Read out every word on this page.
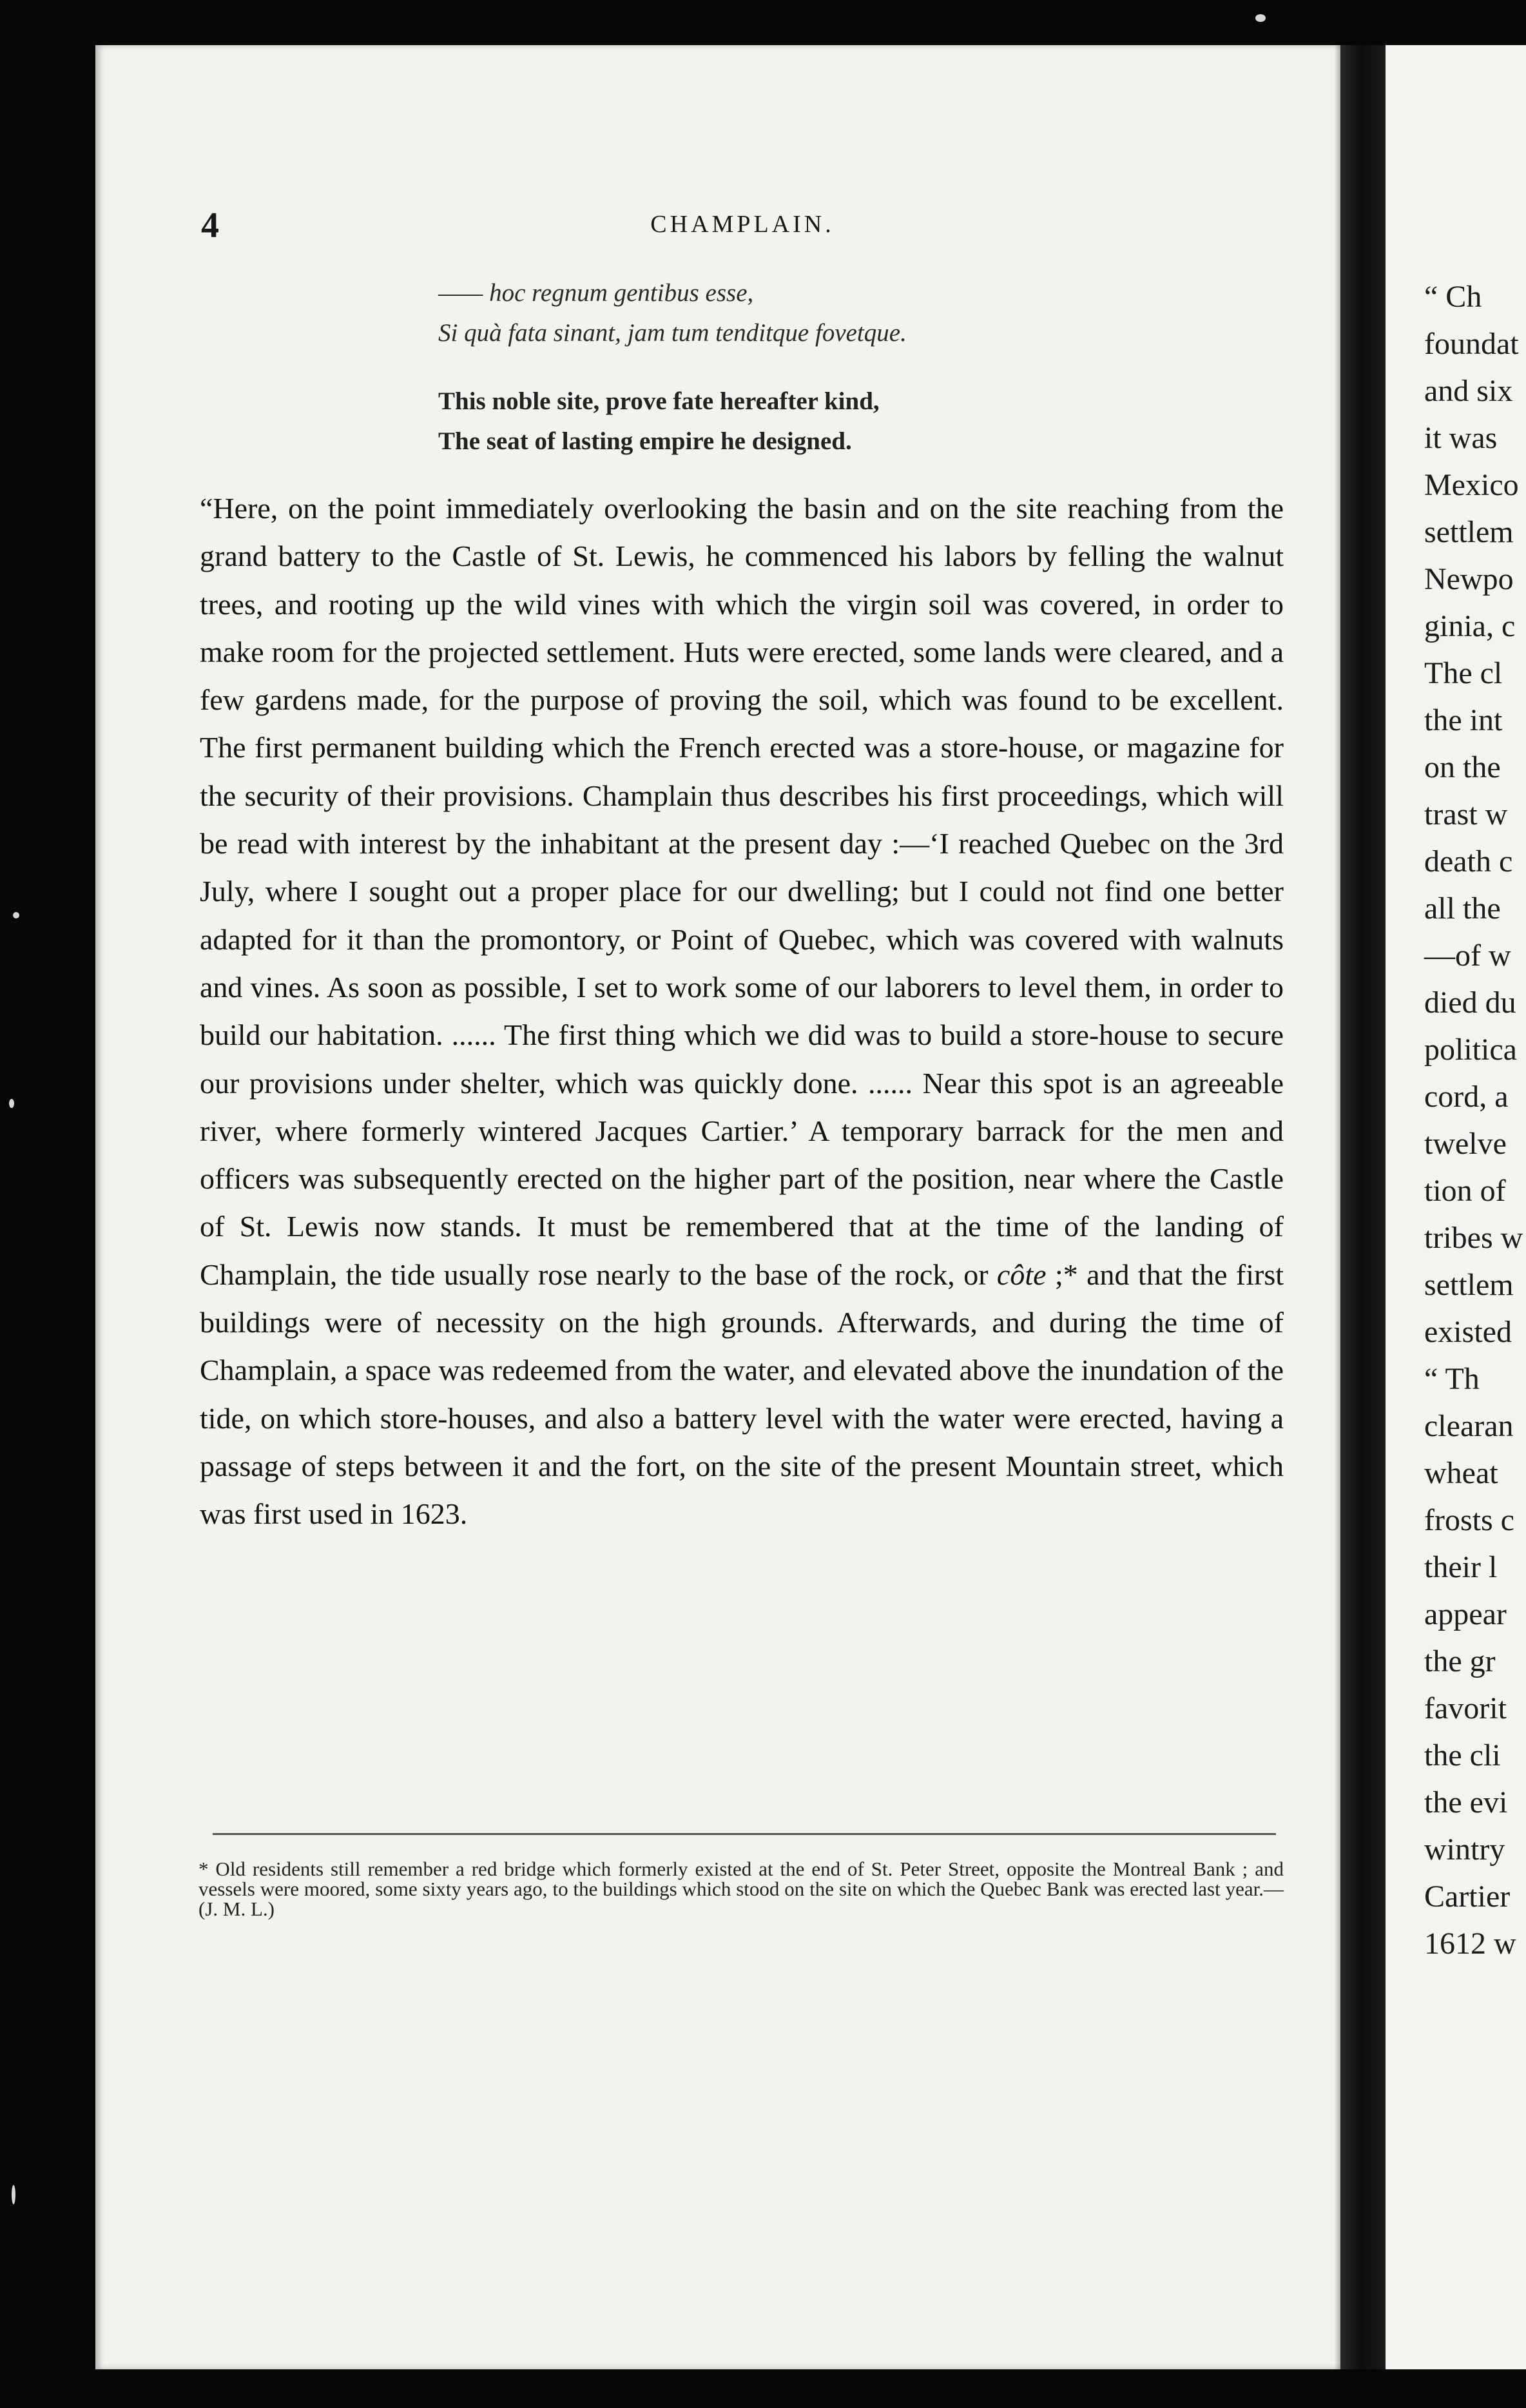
“ Ch

foundat

and six

it was

Mexico

settlem

Newpo

ginia, c

The cl

the int

on the

trast w

death c

all the

—of w

died du

politica

cord, a

twelve

tion of

tribes w

settlem

existed

“ Th

clearan

wheat

frosts c

their l

appear

the gr

favorit

the cli

the evi

wintry

Cartier

1612 w

4	CHAMPLAIN.

—— hoc regnum gentibus esse,

Si quà fata sinant, jam tum tenditque fovetque.

This noble site, prove fate hereafter kind,

The seat of lasting empire he designed.

“Here, on the point immediately overlooking the basin and on the site reaching from the grand battery to the Castle of St. Lewis, he commenced his labors by felling the walnut trees, and rooting up the wild vines with which the virgin soil was covered, in order to make room for the projected settlement. Huts were erected, some lands were cleared, and a few gardens made, for the purpose of proving the soil, which was found to be excellent. The first permanent building which the French erected was a store-house, or magazine for the security of their provisions. Champlain thus describes his first proceedings, which will be read with interest by the inhabitant at the present day :—‘I reached Quebec on the 3rd July, where I sought out a proper place for our dwelling; but I could not find one better adapted for it than the promontory, or Point of Quebec, which was covered with walnuts and vines. As soon as possible, I set to work some of our laborers to level them, in order to build our habitation. ...... The first thing which we did was to build a store-house to secure our provisions under shelter, which was quickly done. ...... Near this spot is an agreeable river, where formerly wintered Jacques Cartier.’ A temporary barrack for the men and officers was subsequently erected on the higher part of the position, near where the Castle of St. Lewis now stands. It must be remembered that at the time of the landing of Champlain, the tide usually rose nearly to the base of the rock, or côte ;* and that the first buildings were of necessity on the high grounds. Afterwards, and during the time of Champlain, a space was redeemed from the water, and elevated above the inundation of the tide, on which store-houses, and also a battery level with the water were erected, having a passage of steps between it and the fort, on the site of the present Mountain street, which was first used in 1623.

* Old residents still remember a red bridge which formerly existed at the end of St. Peter Street, opposite the Montreal Bank ; and vessels were moored, some sixty years ago, to the buildings which stood on the site on which the Quebec Bank was erected last year.—(J. M. L.)
